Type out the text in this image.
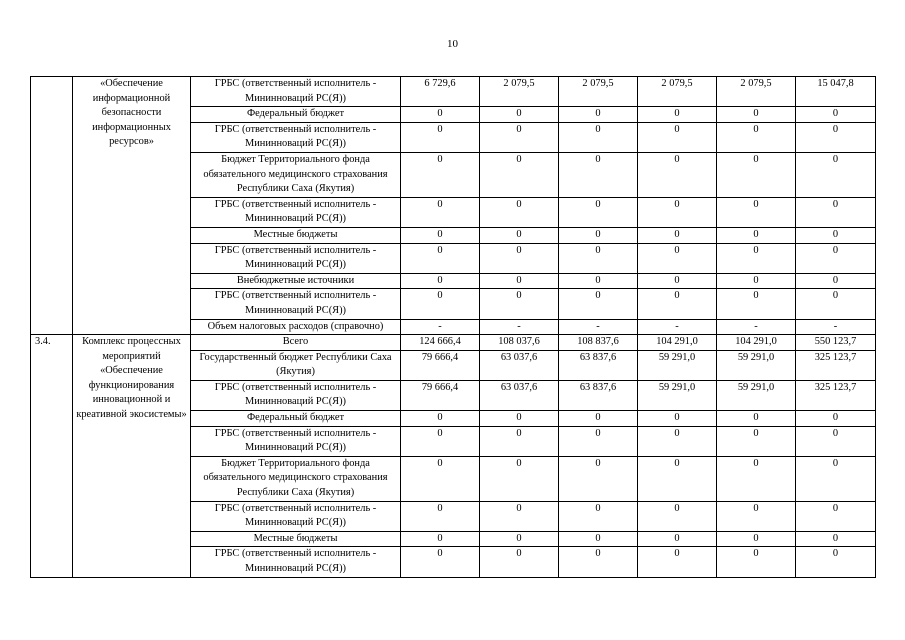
10
	«Обеспечение информационной безопасности информационных ресурсов»	ГРБС (ответственный исполнитель - Мининноваций РС(Я))	6 729,6	2 079,5	2 079,5	2 079,5	2 079,5	15 047,8
		Федеральный бюджет	0	0	0	0	0	0
		ГРБС (ответственный исполнитель - Мининноваций РС(Я))	0	0	0	0	0	0
		Бюджет Территориального фонда обязательного медицинского страхования Республики Саха (Якутия)	0	0	0	0	0	0
		ГРБС (ответственный исполнитель - Мининноваций РС(Я))	0	0	0	0	0	0
		Местные бюджеты	0	0	0	0	0	0
		ГРБС (ответственный исполнитель - Мининноваций РС(Я))	0	0	0	0	0	0
		Внебюджетные источники	0	0	0	0	0	0
		ГРБС (ответственный исполнитель - Мининноваций РС(Я))	0	0	0	0	0	0
		Объем налоговых расходов (справочно)	-	-	-	-	-	-
3.4.	Комплекс процессных мероприятий «Обеспечение функционирования инновационной и креативной экосистемы»	Всего	124 666,4	108 037,6	108 837,6	104 291,0	104 291,0	550 123,7
		Государственный бюджет Республики Саха (Якутия)	79 666,4	63 037,6	63 837,6	59 291,0	59 291,0	325 123,7
		ГРБС (ответственный исполнитель - Мининноваций РС(Я))	79 666,4	63 037,6	63 837,6	59 291,0	59 291,0	325 123,7
		Федеральный бюджет	0	0	0	0	0	0
		ГРБС (ответственный исполнитель - Мининноваций РС(Я))	0	0	0	0	0	0
		Бюджет Территориального фонда обязательного медицинского страхования Республики Саха (Якутия)	0	0	0	0	0	0
		ГРБС (ответственный исполнитель - Мининноваций РС(Я))	0	0	0	0	0	0
		Местные бюджеты	0	0	0	0	0	0
		ГРБС (ответственный исполнитель - Мининноваций РС(Я))	0	0	0	0	0	0
